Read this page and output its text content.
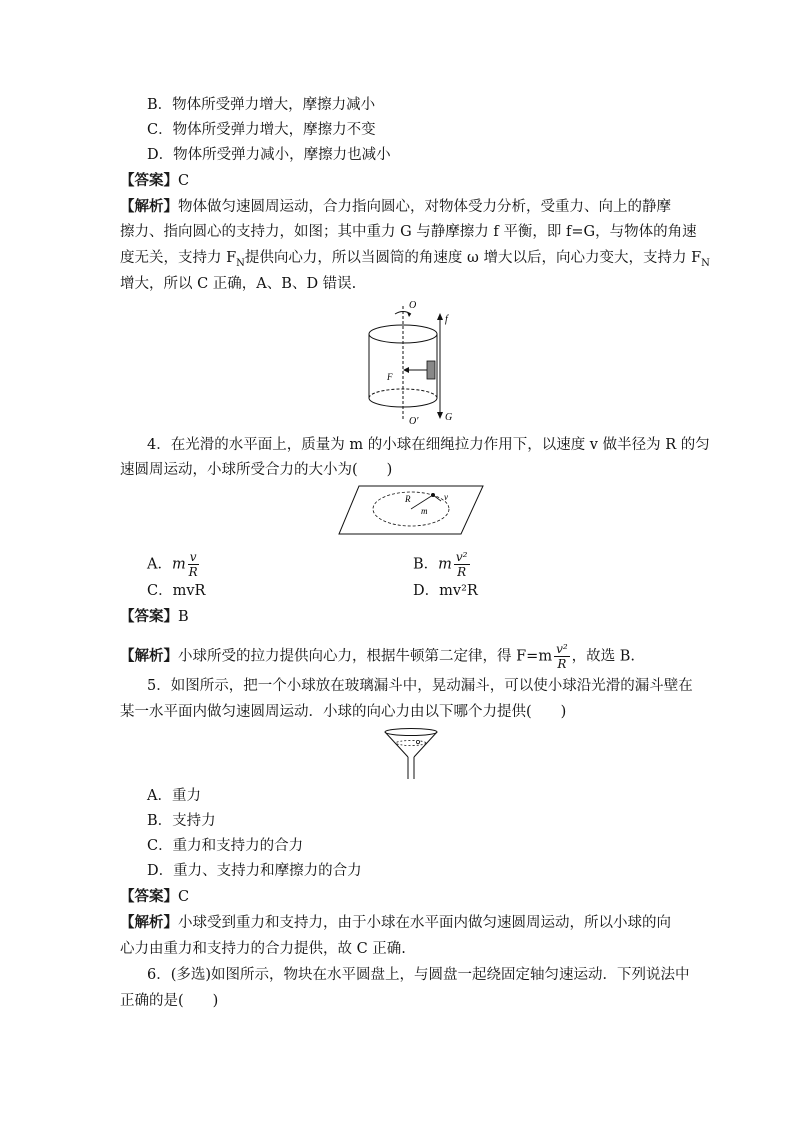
B．物体所受弹力增大，摩擦力减小
C．物体所受弹力增大，摩擦力不变
D．物体所受弹力减小，摩擦力也减小
【答案】C
【解析】物体做匀速圆周运动，合力指向圆心，对物体受力分析，受重力、向上的静摩
擦力、指向圆心的支持力，如图；其中重力 G 与静摩擦力 f 平衡，即 f=G，与物体的角速
度无关，支持力 $F_N$提供向心力，所以当圆筒的角速度 ω 增大以后，向心力变大，支持力 $F_N$
增大，所以 C 正确，A、B、D 错误.
O
F
f
G
O′
4．在光滑的水平面上，质量为 m 的小球在细绳拉力作用下，以速度 v 做半径为 R 的匀
速圆周运动，小球所受合力的大小为(　　)
R	v
m
A．m $\frac{v}{R}$	B．m $\frac{\text{v²}}{R}$
C．mvR	D．mv²R
【答案】B
【解析】小球所受的拉力提供向心力，根据牛顿第二定律，得 $F=m \frac{\text{v²}}{R}$ ，故选 B.
5．如图所示，把一个小球放在玻璃漏斗中，晃动漏斗，可以使小球沿光滑的漏斗壁在
某一水平面内做匀速圆周运动．小球的向心力由以下哪个力提供(　　)
A．重力
B．支持力
C．重力和支持力的合力
D．重力、支持力和摩擦力的合力
【答案】C
【解析】小球受到重力和支持力，由于小球在水平面内做匀速圆周运动，所以小球的向
心力由重力和支持力的合力提供，故 C 正确.
6．(多选)如图所示，物块在水平圆盘上，与圆盘一起绕固定轴匀速运动．下列说法中
正确的是(　　)
